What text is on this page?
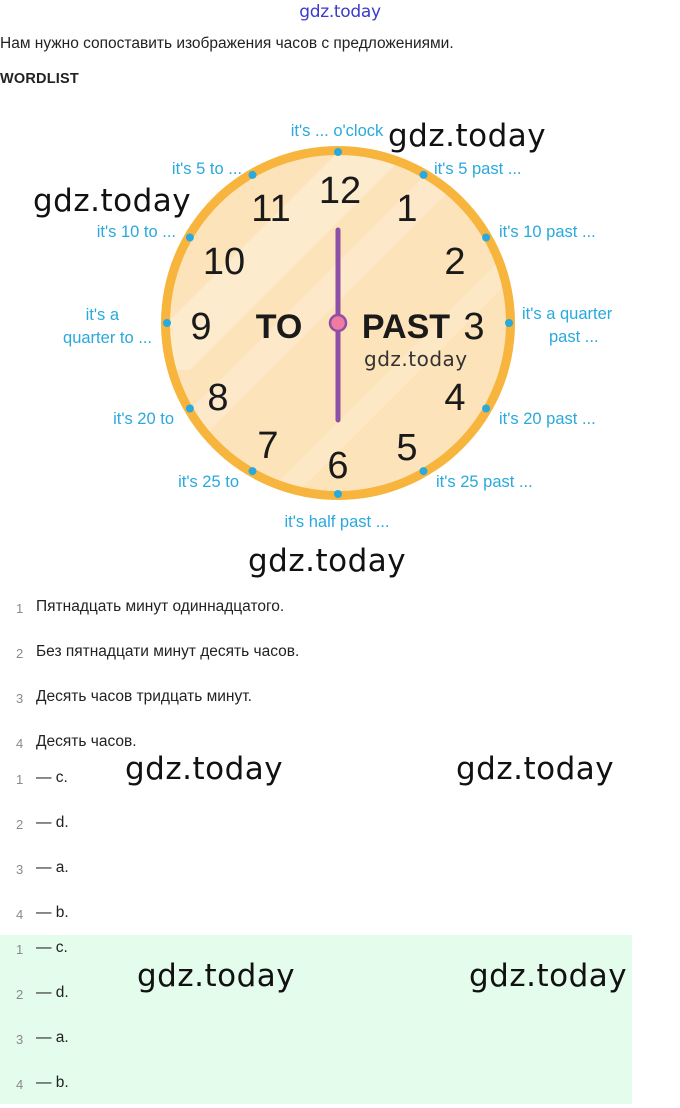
gdz.today
Нам нужно сопоставить изображения часов с предложениями.
WORDLIST
12 1
2
3
4
5
6
7
8
9
10
11
TO PAST
it's ... o'clock
it's 5 past ...
it's 10 past ...
it's a quarter
past ...
it's 20 past ...
it's 25 past ...
it's half past ...
it's 25 to
it's 20 to
it's a
quarter to ...
it's 10 to ...
it's 5 to ...
gdz.today
gdz.today
gdz.today
gdz.today
gdz.today	gdz.today
1 Пятнадцать минут одиннадцатого.
2 Без пятнадцати минут десять часов.
3 Десять часов тридцать минут.
4 Десять часов.
1 — c.
2 — d.
3 — a.
4 — b.
1 — c.
2 — d.
3 — a.
4 — b.
gdz.today	gdz.today
